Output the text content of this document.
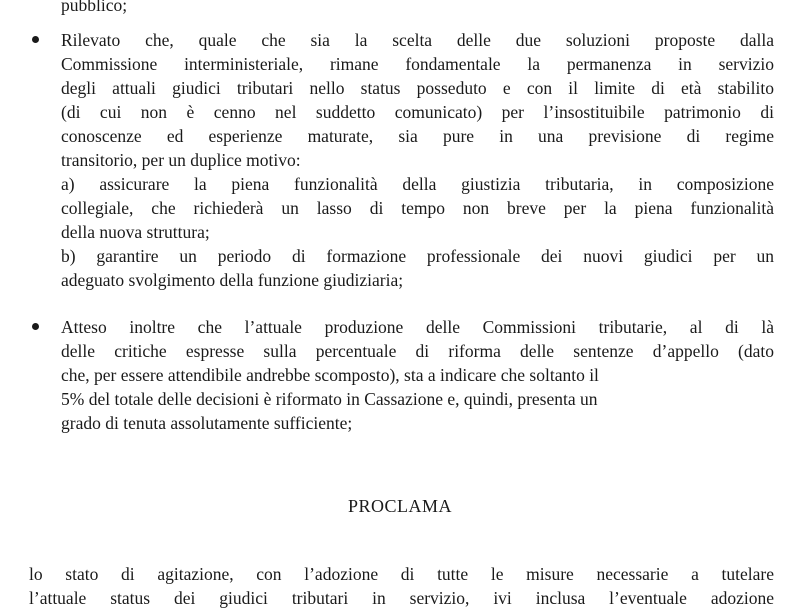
pubblico;
Rilevato che, quale che sia la scelta delle due soluzioni proposte dalla
Commissione interministeriale, rimane fondamentale la permanenza in servizio
degli attuali giudici tributari nello status posseduto e con il limite di età stabilito
(di cui non è cenno nel suddetto comunicato) per l’insostituibile patrimonio di
conoscenze ed esperienze maturate, sia pure in una previsione di regime
transitorio, per un duplice motivo:
a) assicurare la piena funzionalità della giustizia tributaria, in composizione
collegiale, che richiederà un lasso di tempo non breve per la piena funzionalità
della nuova struttura;
b) garantire un periodo di formazione professionale dei nuovi giudici per un
adeguato svolgimento della funzione giudiziaria;
Atteso inoltre che l’attuale produzione delle Commissioni tributarie, al di là
delle critiche espresse sulla percentuale di riforma delle sentenze d’appello (dato
che, per essere attendibile andrebbe scomposto), sta a indicare che soltanto il
5% del totale delle decisioni è riformato in Cassazione e, quindi, presenta un
grado di tenuta assolutamente sufficiente;
PROCLAMA
lo stato di agitazione, con l’adozione di tutte le misure necessarie a tutelare
l’attuale status dei giudici tributari in servizio, ivi inclusa l’eventuale adozione
